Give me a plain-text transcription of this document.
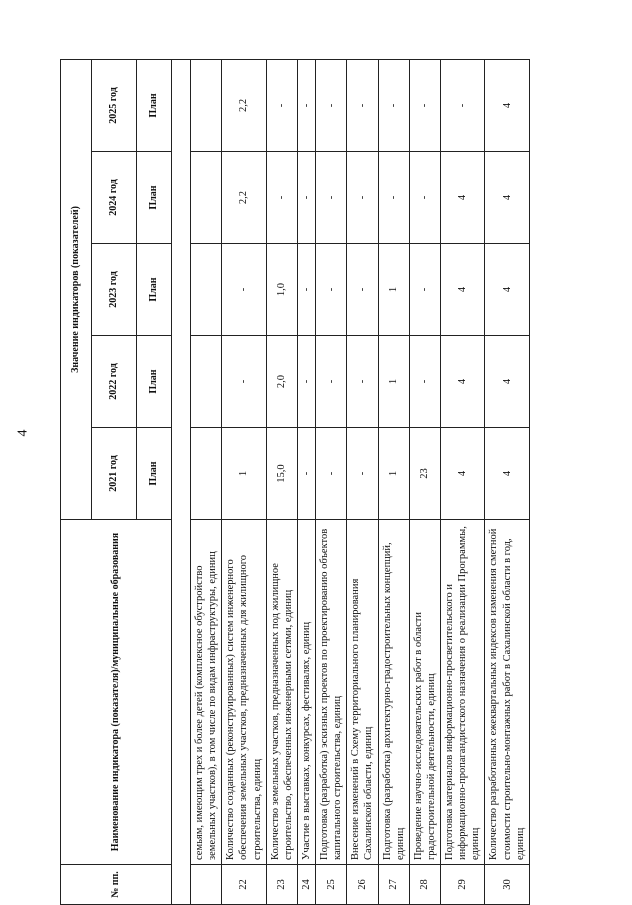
4
№ пп.	Наименование индикатора (показателя)/муниципальные образования	Значение индикаторов (показателей)				
		2021 год	2022 год	2023 год	2024 год	2025 год
		План	План	План	План	План

	семьям, имеющим трех и более детей (комплексное обустройство земельных участков), в том числе по видам инфраструктуры, единиц					
22	Количество созданных (реконструированных) систем инженерного обеспечения земельных участков, предназначенных для жилищного строительства, единиц	1	-	-	2,2	2,2
23	Количество земельных участков, предназначенных под жилищное строительство, обеспеченных инженерными сетями, единиц	15,0	2,0	1,0	-	-
24	Участие в выставках, конкурсах, фестивалях, единиц	-	-	-	-	-
25	Подготовка (разработка) эскизных проектов по проектированию объектов капитального строительства, единиц	-	-	-	-	-
26	Внесение изменений в Схему территориального планирования Сахалинской области, единиц	-	-	-	-	-
27	Подготовка (разработка) архитектурно-градостроительных концепций, единиц	1	1	1	-	-
28	Проведение научно-исследовательских работ в области градостроительной деятельности, единиц	23	-	-	-	-
29	Подготовка материалов информационно-просветительского и информационно-пропагандистского назначения о реализации Программы, единиц	4	4	4	4	-
30	Количество разработанных ежеквартальных индексов изменения сметной стоимости строительно-монтажных работ в Сахалинской области в год, единиц	4	4	4	4	4
